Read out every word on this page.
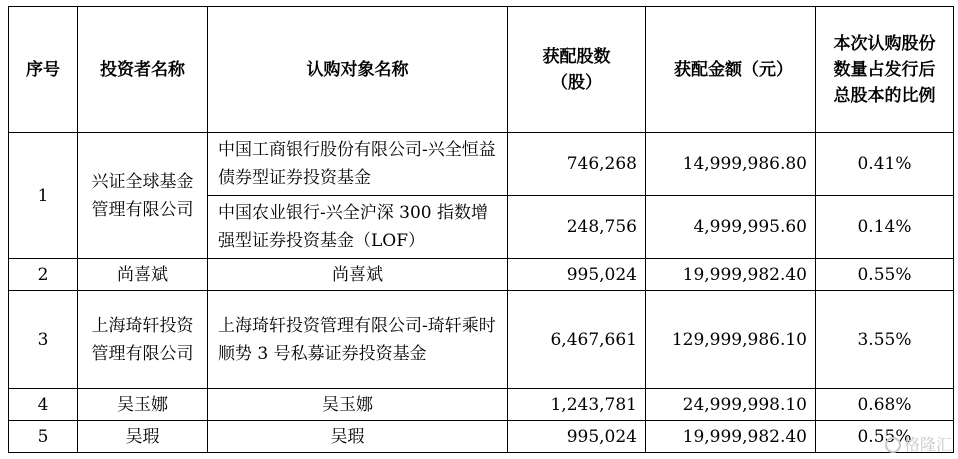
序号	投资者名称	认购对象名称	获配股数（股）	获配金额（元）	本次认购股份数量占发行后总股本的比例
1	兴证全球基金管理有限公司	中国工商银行股份有限公司-兴全恒益债券型证券投资基金	746,268	14,999,986.80	0.41%
		中国农业银行-兴全沪深 300 指数增强型证券投资基金（LOF）	248,756	4,999,995.60	0.14%
2	尚喜斌	尚喜斌	995,024	19,999,982.40	0.55%
3	上海琦轩投资管理有限公司	上海琦轩投资管理有限公司-琦轩乘时顺势 3 号私募证券投资基金	6,467,661	129,999,986.10	3.55%
4	吴玉娜	吴玉娜	1,243,781	24,999,998.10	0.68%
5	吴瑕	吴瑕	995,024	19,999,982.40	0.55%
格隆汇
